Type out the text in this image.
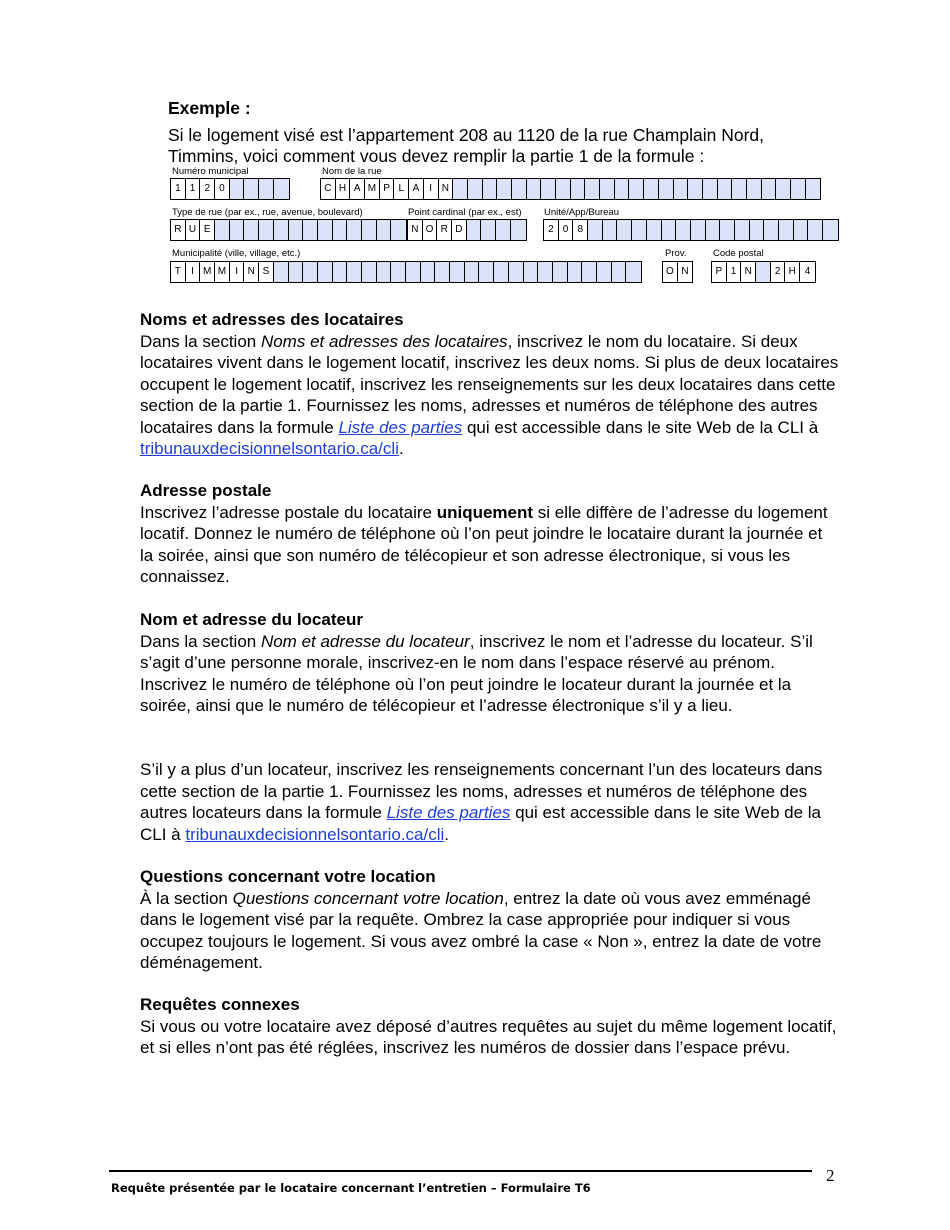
Exemple :
Si le logement visé est l’appartement 208 au 1120 de la rue Champlain Nord,
Timmins, voici comment vous devez remplir la partie 1 de la formule :
Numéro municipal
1 1 2 0
Nom de la rue
C H A M P L A I N
Type de rue (par ex., rue, avenue, boulevard)
R U E
Point cardinal (par ex., est)
N O R D
Unité/App/Bureau
2 0 8
Municipalité (ville, village, etc.)
T	I M M I N S
Prov.
O N
Code postal
P 1 N	2 H 4
Noms et adresses des locataires

Dans la section Noms et adresses des locataires, inscrivez le nom du locataire. Si deux locataires vivent dans le logement locatif, inscrivez les deux noms. Si plus de deux locataires occupent le logement locatif, inscrivez les renseignements sur les deux locataires dans cette section de la partie 1. Fournissez les noms, adresses et numéros de téléphone des autres locataires dans la formule Liste des parties qui est accessible dans le site Web de la CLI à tribunauxdecisionnelsontario.ca/cli.

Adresse postale

Inscrivez l’adresse postale du locataire uniquement si elle diffère de l’adresse du logement locatif. Donnez le numéro de téléphone où l’on peut joindre le locataire durant la journée et la soirée, ainsi que son numéro de télécopieur et son adresse électronique, si vous les connaissez.

Nom et adresse du locateur

Dans la section Nom et adresse du locateur, inscrivez le nom et l’adresse du locateur. S’il s’agit d’une personne morale, inscrivez-en le nom dans l’espace réservé au prénom. Inscrivez le numéro de téléphone où l’on peut joindre le locateur durant la journée et la soirée, ainsi que le numéro de télécopieur et l’adresse électronique s’il y a lieu.

S’il y a plus d’un locateur, inscrivez les renseignements concernant l’un des locateurs dans cette section de la partie 1. Fournissez les noms, adresses et numéros de téléphone des autres locateurs dans la formule Liste des parties qui est accessible dans le site Web de la CLI à tribunauxdecisionnelsontario.ca/cli.

Questions concernant votre location

À la section Questions concernant votre location, entrez la date où vous avez emménagé dans le logement visé par la requête. Ombrez la case appropriée pour indiquer si vous occupez toujours le logement. Si vous avez ombré la case « Non », entrez la date de votre déménagement.

Requêtes connexes

Si vous ou votre locataire avez déposé d’autres requêtes au sujet du même logement locatif, et si elles n’ont pas été réglées, inscrivez les numéros de dossier dans l’espace prévu.

Requête présentée par le locataire concernant l’entretien – Formulaire T6
2
